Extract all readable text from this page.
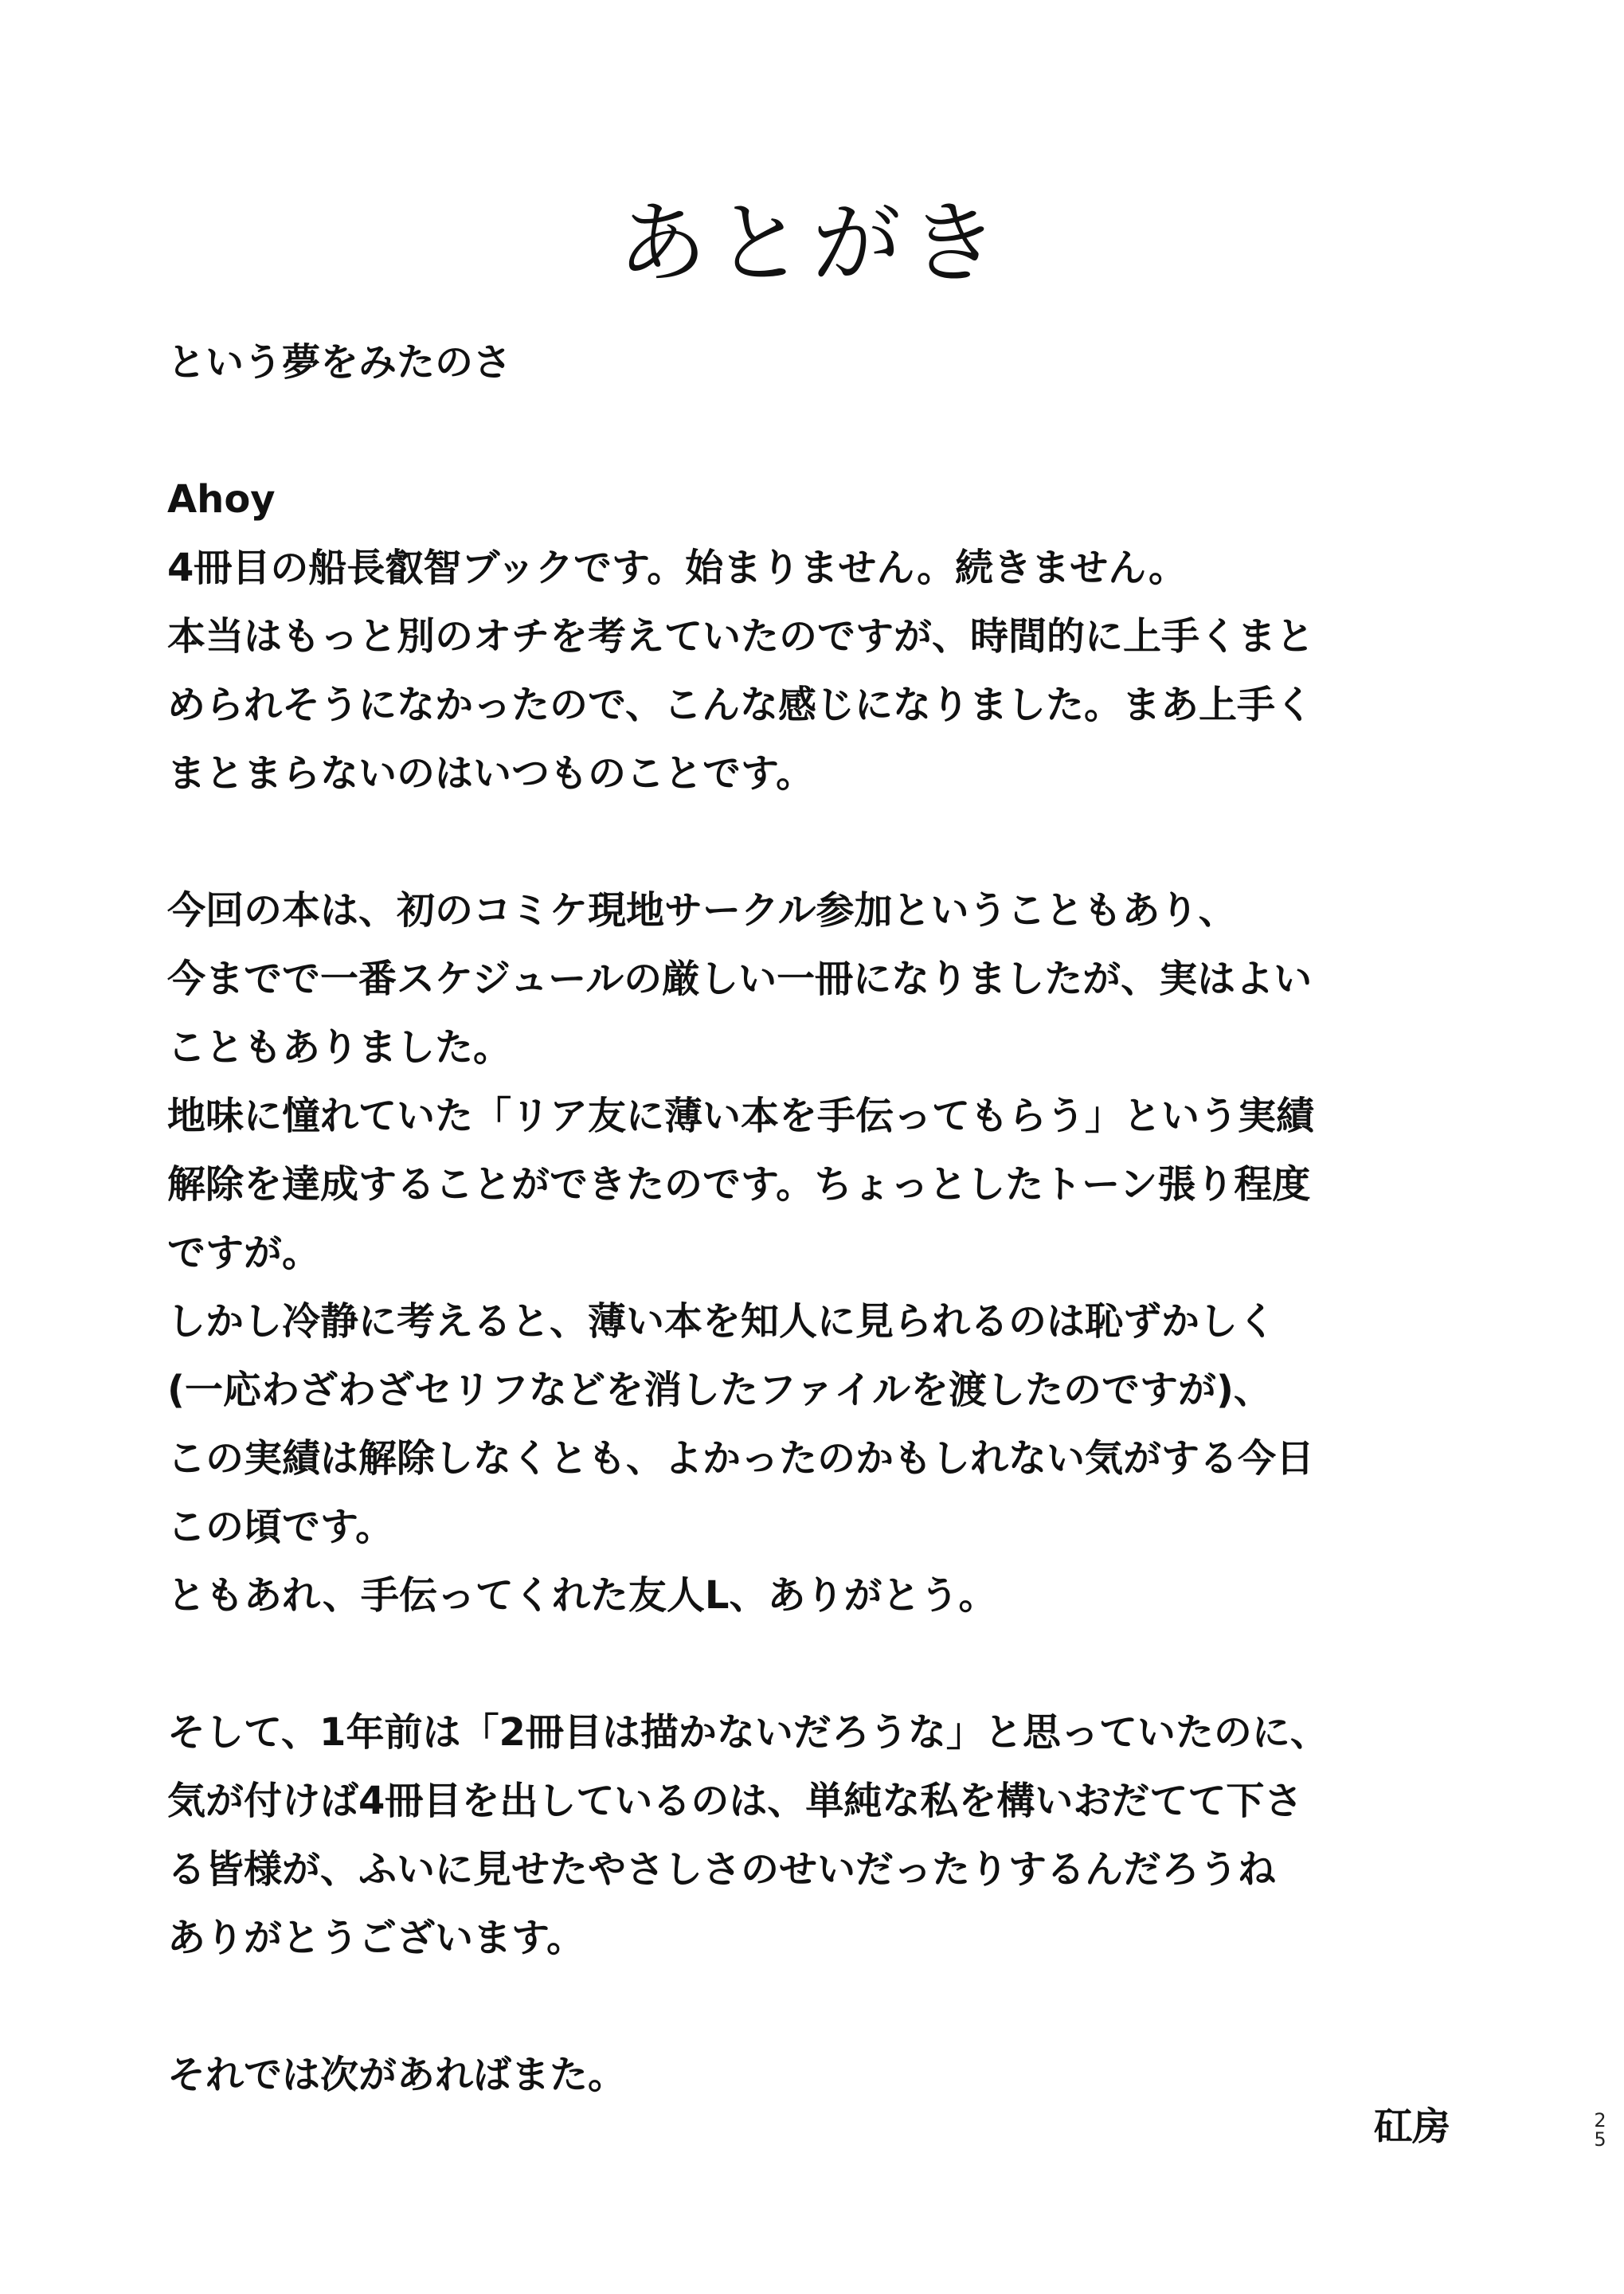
あとがき
という夢をみたのさ
Ahoy
4冊目の船長叡智ブックです。始まりません。続きません。
本当はもっと別のオチを考えていたのですが、時間的に上手くまと
められそうになかったので、こんな感じになりました。まあ上手く
まとまらないのはいつものことです。
今回の本は、初のコミケ現地サークル参加ということもあり、
今までで一番スケジュールの厳しい一冊になりましたが、実はよい
こともありました。
地味に憧れていた「リア友に薄い本を手伝ってもらう」という実績
解除を達成することができたのです。ちょっとしたトーン張り程度
ですが。
しかし冷静に考えると、薄い本を知人に見られるのは恥ずかしく
(一応わざわざセリフなどを消したファイルを渡したのですが)、
この実績は解除しなくとも、よかったのかもしれない気がする今日
この頃です。
ともあれ、手伝ってくれた友人L、ありがとう。
そして、1年前は「2冊目は描かないだろうな」と思っていたのに、
気が付けば4冊目を出しているのは、単純な私を構いおだてて下さ
る皆様が、ふいに見せたやさしさのせいだったりするんだろうね
ありがとうございます。
それでは次があればまた。
矼房	2
5
